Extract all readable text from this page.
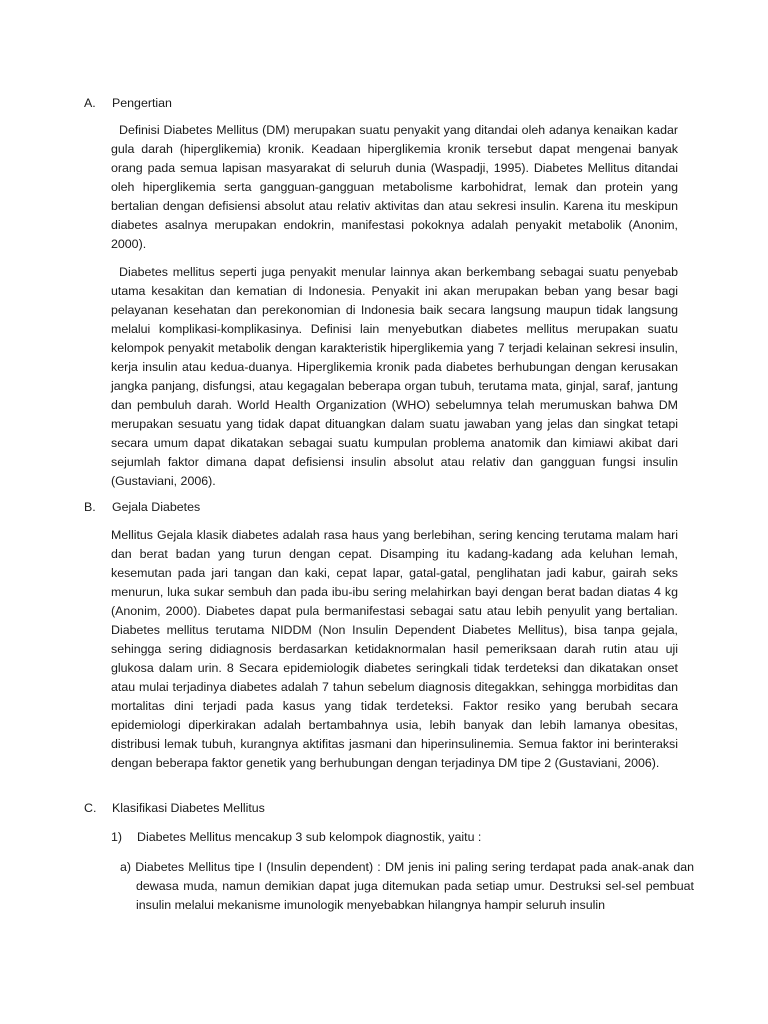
A. Pengertian

Definisi Diabetes Mellitus (DM) merupakan suatu penyakit yang ditandai oleh adanya kenaikan kadar gula darah (hiperglikemia) kronik. Keadaan hiperglikemia kronik tersebut dapat mengenai banyak orang pada semua lapisan masyarakat di seluruh dunia (Waspadji, 1995). Diabetes Mellitus ditandai oleh hiperglikemia serta gangguan-gangguan metabolisme karbohidrat, lemak dan protein yang bertalian dengan defisiensi absolut atau relativ aktivitas dan atau sekresi insulin. Karena itu meskipun diabetes asalnya merupakan endokrin, manifestasi pokoknya adalah penyakit metabolik (Anonim, 2000).

Diabetes mellitus seperti juga penyakit menular lainnya akan berkembang sebagai suatu penyebab utama kesakitan dan kematian di Indonesia. Penyakit ini akan merupakan beban yang besar bagi pelayanan kesehatan dan perekonomian di Indonesia baik secara langsung maupun tidak langsung melalui komplikasi-komplikasinya. Definisi lain menyebutkan diabetes mellitus merupakan suatu kelompok penyakit metabolik dengan karakteristik hiperglikemia yang 7 terjadi kelainan sekresi insulin, kerja insulin atau kedua-duanya. Hiperglikemia kronik pada diabetes berhubungan dengan kerusakan jangka panjang, disfungsi, atau kegagalan beberapa organ tubuh, terutama mata, ginjal, saraf, jantung dan pembuluh darah. World Health Organization (WHO) sebelumnya telah merumuskan bahwa DM merupakan sesuatu yang tidak dapat dituangkan dalam suatu jawaban yang jelas dan singkat tetapi secara umum dapat dikatakan sebagai suatu kumpulan problema anatomik dan kimiawi akibat dari sejumlah faktor dimana dapat defisiensi insulin absolut atau relativ dan gangguan fungsi insulin (Gustaviani, 2006).

B. Gejala Diabetes

Mellitus Gejala klasik diabetes adalah rasa haus yang berlebihan, sering kencing terutama malam hari dan berat badan yang turun dengan cepat. Disamping itu kadang-kadang ada keluhan lemah, kesemutan pada jari tangan dan kaki, cepat lapar, gatal-gatal, penglihatan jadi kabur, gairah seks menurun, luka sukar sembuh dan pada ibu-ibu sering melahirkan bayi dengan berat badan diatas 4 kg (Anonim, 2000). Diabetes dapat pula bermanifestasi sebagai satu atau lebih penyulit yang bertalian. Diabetes mellitus terutama NIDDM (Non Insulin Dependent Diabetes Mellitus), bisa tanpa gejala, sehingga sering didiagnosis berdasarkan ketidaknormalan hasil pemeriksaan darah rutin atau uji glukosa dalam urin. 8 Secara epidemiologik diabetes seringkali tidak terdeteksi dan dikatakan onset atau mulai terjadinya diabetes adalah 7 tahun sebelum diagnosis ditegakkan, sehingga morbiditas dan mortalitas dini terjadi pada kasus yang tidak terdeteksi. Faktor resiko yang berubah secara epidemiologi diperkirakan adalah bertambahnya usia, lebih banyak dan lebih lamanya obesitas, distribusi lemak tubuh, kurangnya aktifitas jasmani dan hiperinsulinemia. Semua faktor ini berinteraksi dengan beberapa faktor genetik yang berhubungan dengan terjadinya DM tipe 2 (Gustaviani, 2006).

C. Klasifikasi Diabetes Mellitus

1) Diabetes Mellitus mencakup 3 sub kelompok diagnostik, yaitu :

a) Diabetes Mellitus tipe I (Insulin dependent) : DM jenis ini paling sering terdapat pada anak-anak dan dewasa muda, namun demikian dapat juga ditemukan pada setiap umur. Destruksi sel-sel pembuat insulin melalui mekanisme imunologik menyebabkan hilangnya hampir seluruh insulin
